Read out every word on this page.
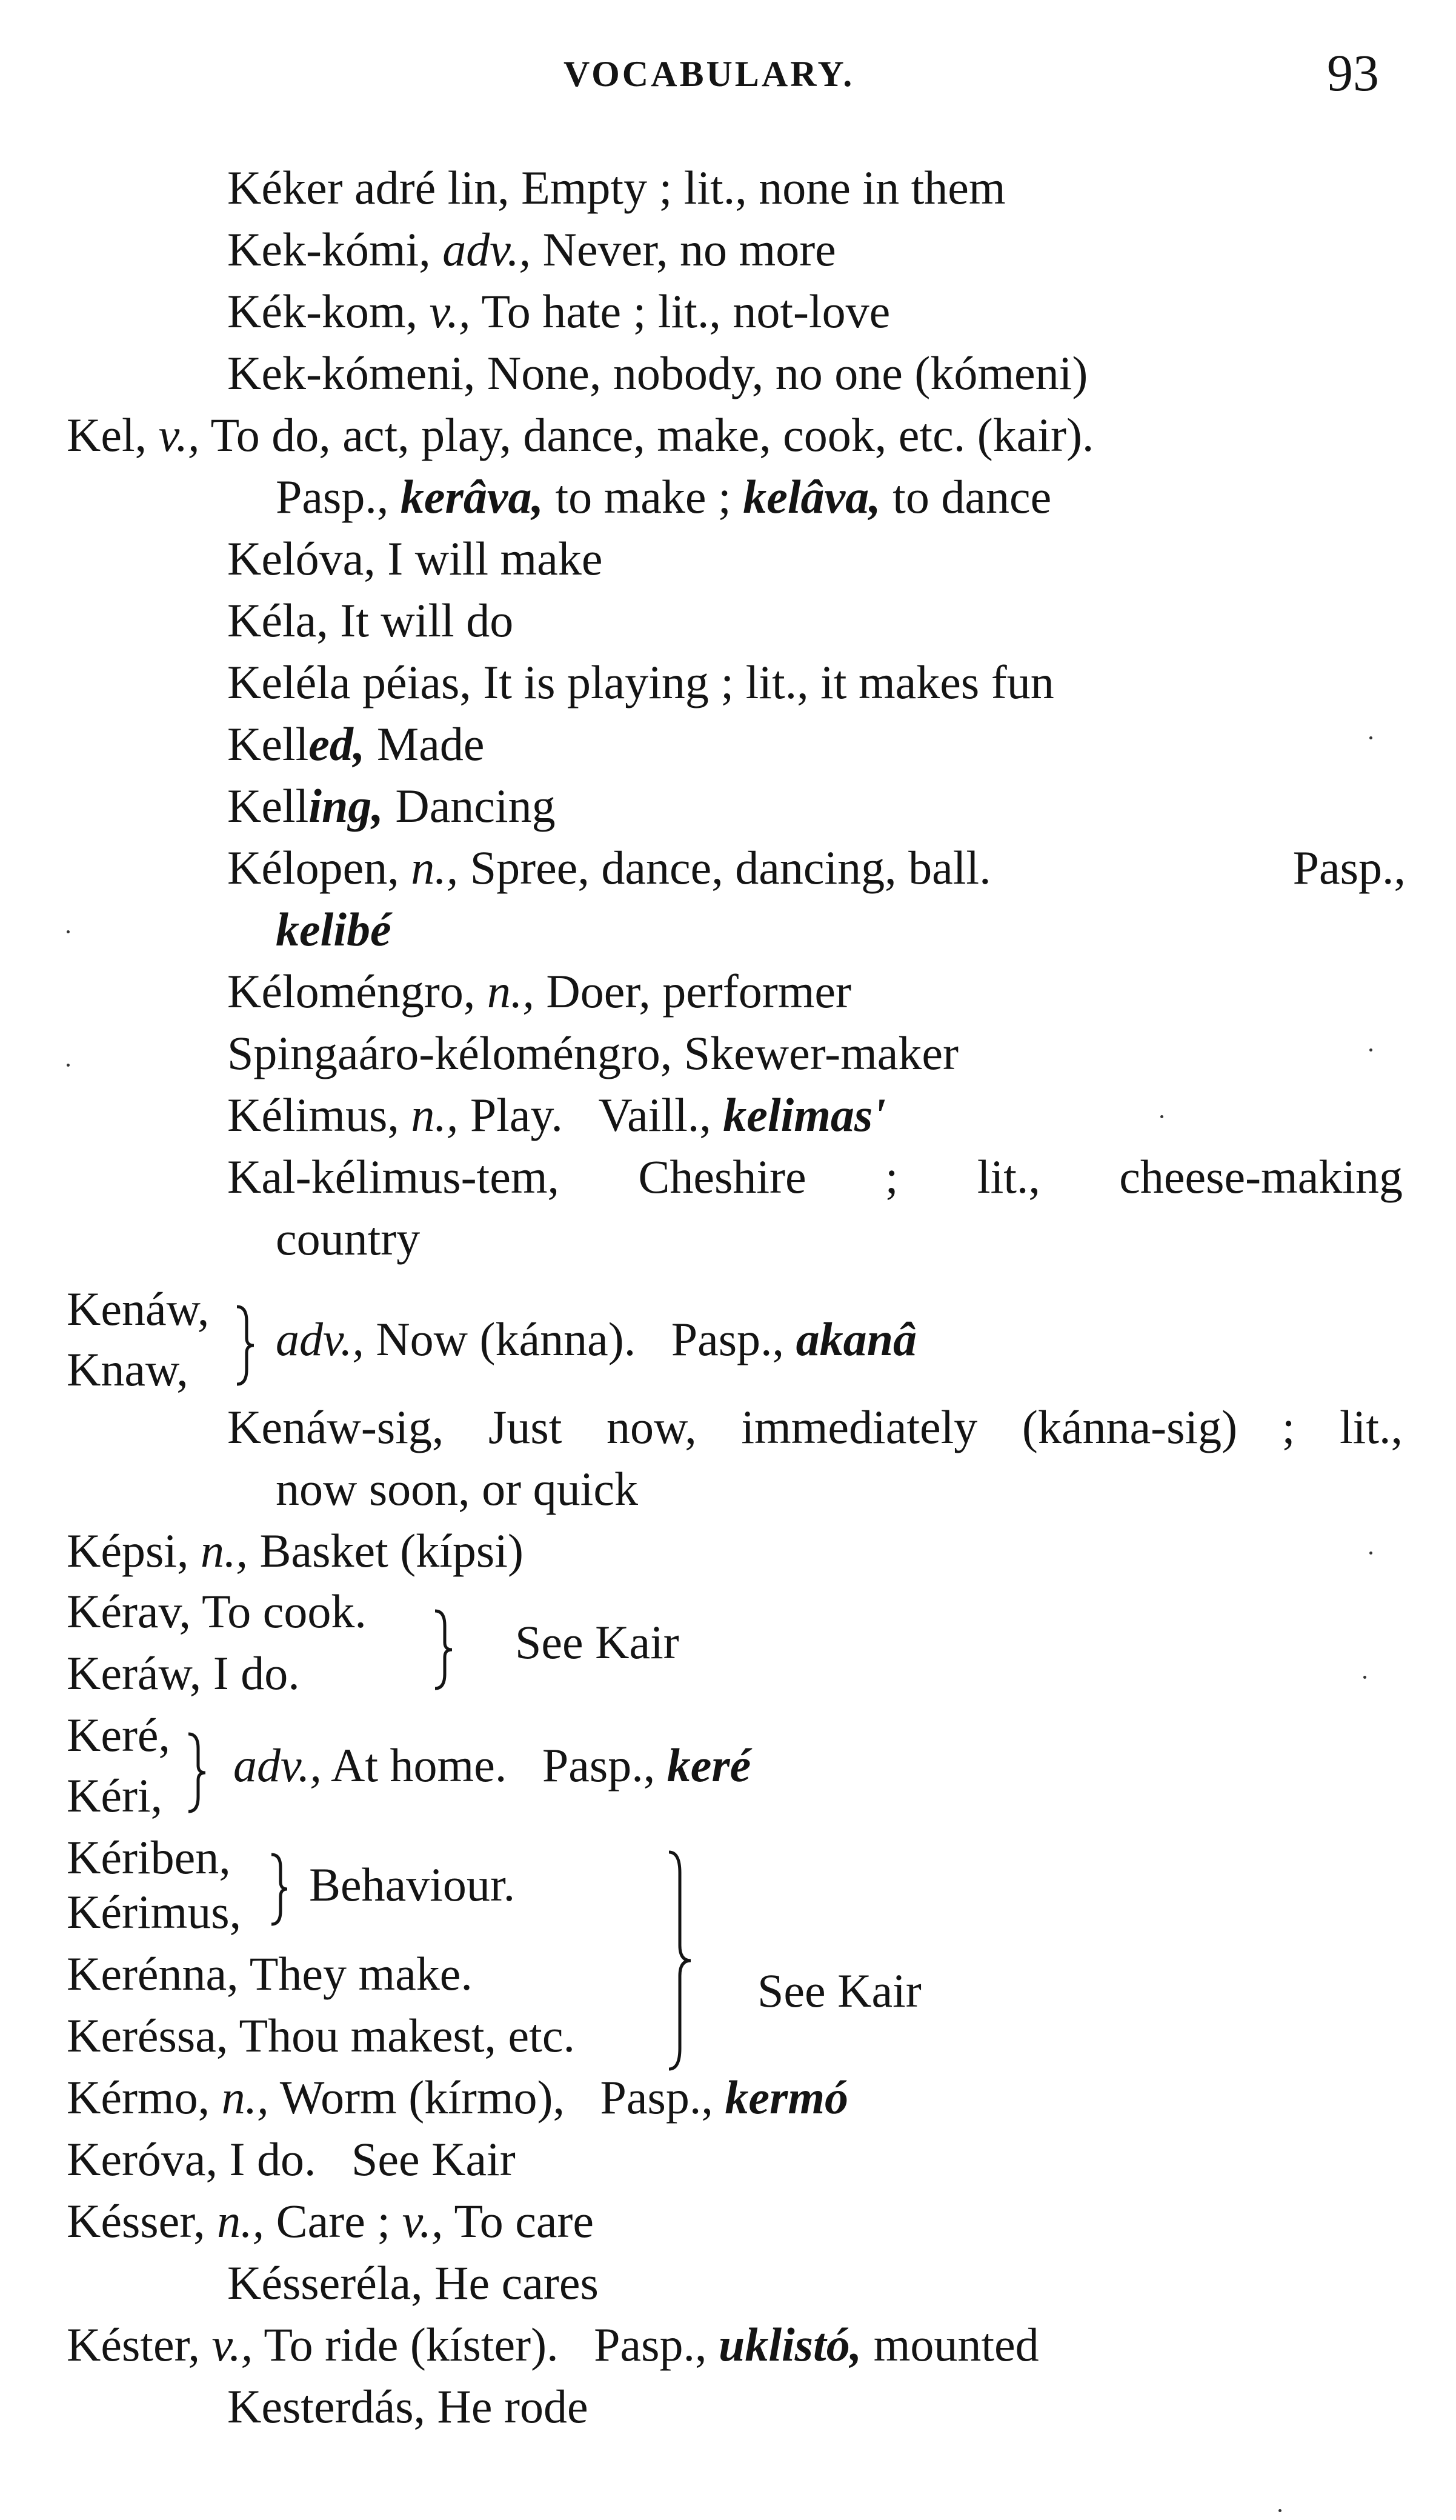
VOCABULARY.	93
Kéker adré lin, Empty ; lit., none in them
Kek-kómi, adv., Never, no more
Kék-kom, v., To hate ; lit., not-love
Kek-kómeni, None, nobody, no one (kómeni)
Kel, v., To do, act, play, dance, make, cook, etc. (kair).
Pasp., kerâva, to make ; kelâva, to dance
Kelóva, I will make
Kéla, It will do
Keléla péias, It is playing ; lit., it makes fun
Kelled, Made
Kelling, Dancing
Kélopen, n., Spree, dance, dancing, ball.	Pasp.,
kelibé
Kéloméngro, n., Doer, performer
Spingaáro-kéloméngro, Skewer-maker
Kélimus, n., Play. Vaill., kelimas'
Kal-kélimus-tem, Cheshire ; lit., cheese-making
country
Kenáw,
Knaw,
adv., Now (kánna). Pasp., akanâ
Kenáw-sig, Just now, immediately (kánna-sig) ; lit.,
now soon, or quick
Képsi, n., Basket (kípsi)
Kérav, To cook.
Keráw, I do.
See Kair
Keré,
Kéri,
adv., At home. Pasp., keré
Kériben,
Kérimus,
Behaviour.
Kerénna, They make.
Keréssa, Thou makest, etc.
See Kair
Kérmo, n., Worm (kírmo), Pasp., kermó
Keróva, I do. See Kair
Késser, n., Care ; v., To care
Késseréla, He cares
Késter, v., To ride (kíster). Pasp., uklistó, mounted
Kesterdás, He rode
